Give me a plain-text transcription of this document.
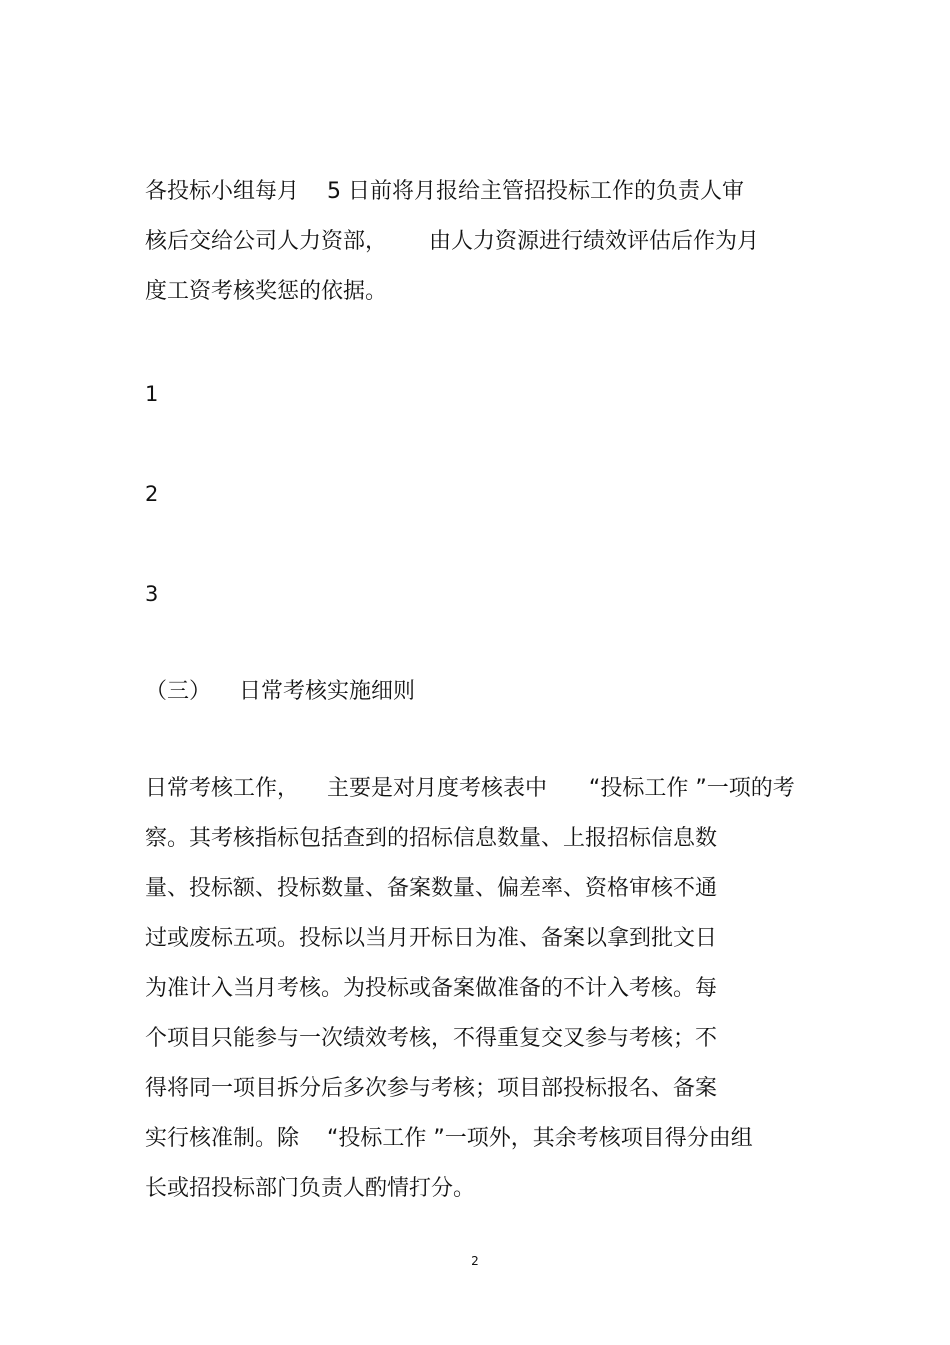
各投标小组每月    5 日前将月报给主管招投标工作的负责人审
核后交给公司人力资部，      由人力资源进行绩效评估后作为月
度工资考核奖惩的依据。
1
2
3
（三）    日常考核实施细则
日常考核工作，    主要是对月度考核表中      “投标工作 ”一项的考
察。其考核指标包括查到的招标信息数量、上报招标信息数
量、投标额、投标数量、备案数量、偏差率、资格审核不通
过或废标五项。投标以当月开标日为准、备案以拿到批文日
为准计入当月考核。为投标或备案做准备的不计入考核。每
个项目只能参与一次绩效考核，不得重复交叉参与考核；不
得将同一项目拆分后多次参与考核；项目部投标报名、备案
实行核准制。除    “投标工作 ”一项外，其余考核项目得分由组
长或招投标部门负责人酌情打分。
2
